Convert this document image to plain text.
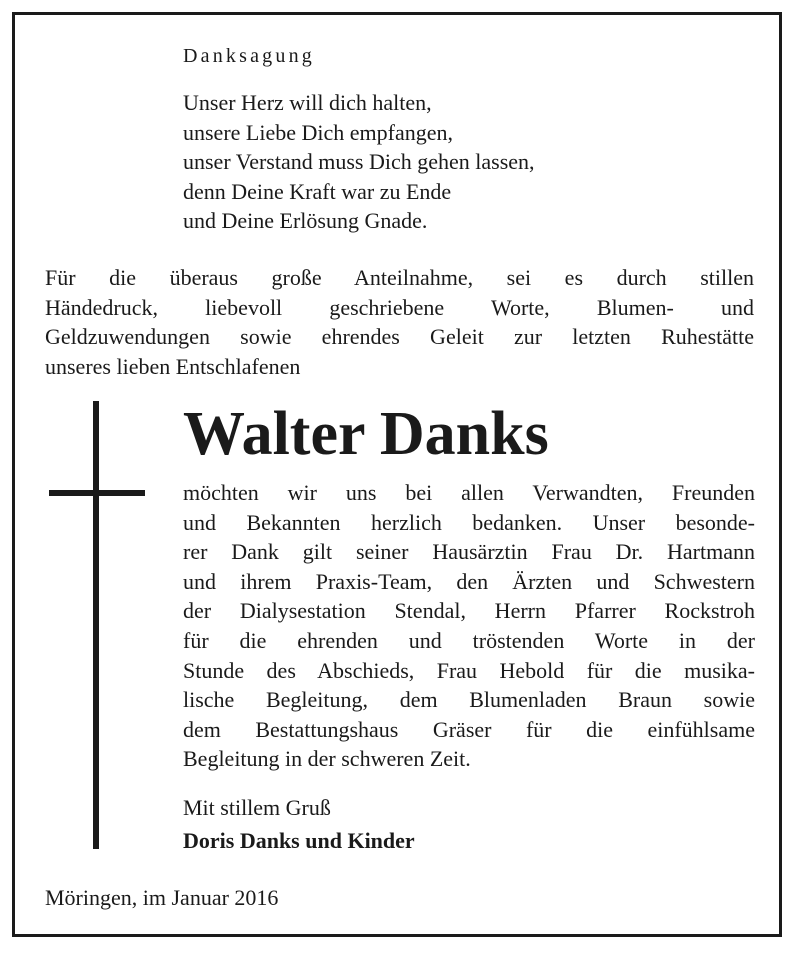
Danksagung
Unser Herz will dich halten,
unsere Liebe Dich empfangen,
unser Verstand muss Dich gehen lassen,
denn Deine Kraft war zu Ende
und Deine Erlösung Gnade.
Für die überaus große Anteilnahme, sei es durch stillen
Händedruck, liebevoll geschriebene Worte, Blumen- und
Geldzuwendungen sowie ehrendes Geleit zur letzten Ruhestätte
unseres lieben Entschlafenen
Walter Danks
möchten wir uns bei allen Verwandten, Freunden
und Bekannten herzlich bedanken. Unser besonde-
rer Dank gilt seiner Hausärztin Frau Dr. Hartmann
und ihrem Praxis-Team, den Ärzten und Schwestern
der Dialysestation Stendal, Herrn Pfarrer Rockstroh
für die ehrenden und tröstenden Worte in der
Stunde des Abschieds, Frau Hebold für die musika-
lische Begleitung, dem Blumenladen Braun sowie
dem Bestattungshaus Gräser für die einfühlsame
Begleitung in der schweren Zeit.
Mit stillem Gruß
Doris Danks und Kinder
Möringen, im Januar 2016
